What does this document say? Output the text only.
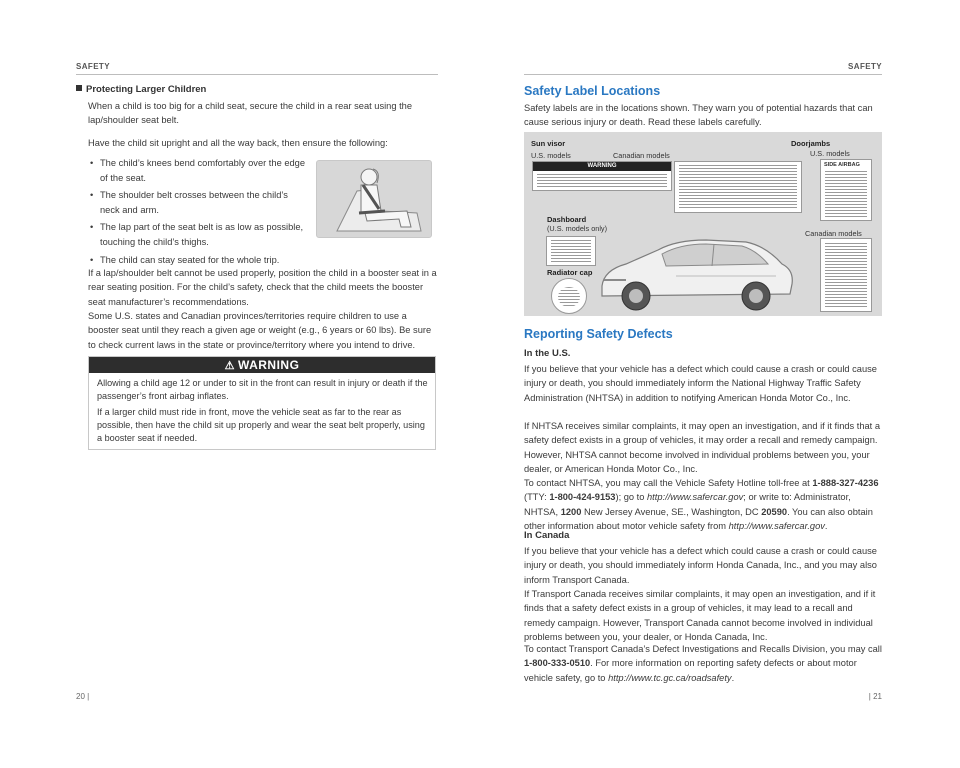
SAFETY
Protecting Larger Children

When a child is too big for a child seat, secure the child in a rear seat using the lap/shoulder seat belt.

Have the child sit upright and all the way back, then ensure the following:

• The child’s knees bend comfortably over the edge of the seat.
• The shoulder belt crosses between the child’s neck and arm.
• The lap part of the seat belt is as low as possible, touching the child’s thighs.
• The child can stay seated for the whole trip.

If a lap/shoulder belt cannot be used properly, position the child in a booster seat in a rear seating position. For the child’s safety, check that the child meets the booster seat manufacturer’s recommendations.

Some U.S. states and Canadian provinces/territories require children to use a booster seat until they reach a given age or weight (e.g., 6 years or 60 lbs). Be sure to check current laws in the state or province/territory where you intend to drive.

⚠ WARNING

Allowing a child age 12 or under to sit in the front can result in injury or death if the passenger’s front airbag inflates.

If a larger child must ride in front, move the vehicle seat as far to the rear as possible, then have the child sit up properly and wear the seat belt properly, using a booster seat if needed.

20 |
SAFETY
Safety Label Locations

Safety labels are in the locations shown. They warn you of potential hazards that can cause serious injury or death. Read these labels carefully.

Sun visor
U.S. models	Canadian models
WARNING
Doorjambs
U.S. models
SIDE AIRBAG
Canadian models
Dashboard
(U.S. models only)
Radiator cap
Reporting Safety Defects
In the U.S.

If you believe that your vehicle has a defect which could cause a crash or could cause injury or death, you should immediately inform the National Highway Traffic Safety Administration (NHTSA) in addition to notifying American Honda Motor Co., Inc.

If NHTSA receives similar complaints, it may open an investigation, and if it finds that a safety defect exists in a group of vehicles, it may order a recall and remedy campaign. However, NHTSA cannot become involved in individual problems between you, your dealer, or American Honda Motor Co., Inc.

To contact NHTSA, you may call the Vehicle Safety Hotline toll-free at 1-888-327-4236 (TTY: 1-800-424-9153); go to http://www.safercar.gov; or write to: Administrator, NHTSA, 1200 New Jersey Avenue, SE., Washington, DC 20590. You can also obtain other information about motor vehicle safety from http://www.safercar.gov.

In Canada

If you believe that your vehicle has a defect which could cause a crash or could cause injury or death, you should immediately inform Honda Canada, Inc., and you may also inform Transport Canada.

If Transport Canada receives similar complaints, it may open an investigation, and if it finds that a safety defect exists in a group of vehicles, it may lead to a recall and remedy campaign. However, Transport Canada cannot become involved in individual problems between you, your dealer, or Honda Canada, Inc.

To contact Transport Canada’s Defect Investigations and Recalls Division, you may call 1-800-333-0510. For more information on reporting safety defects or about motor vehicle safety, go to http://www.tc.gc.ca/roadsafety.

| 21
